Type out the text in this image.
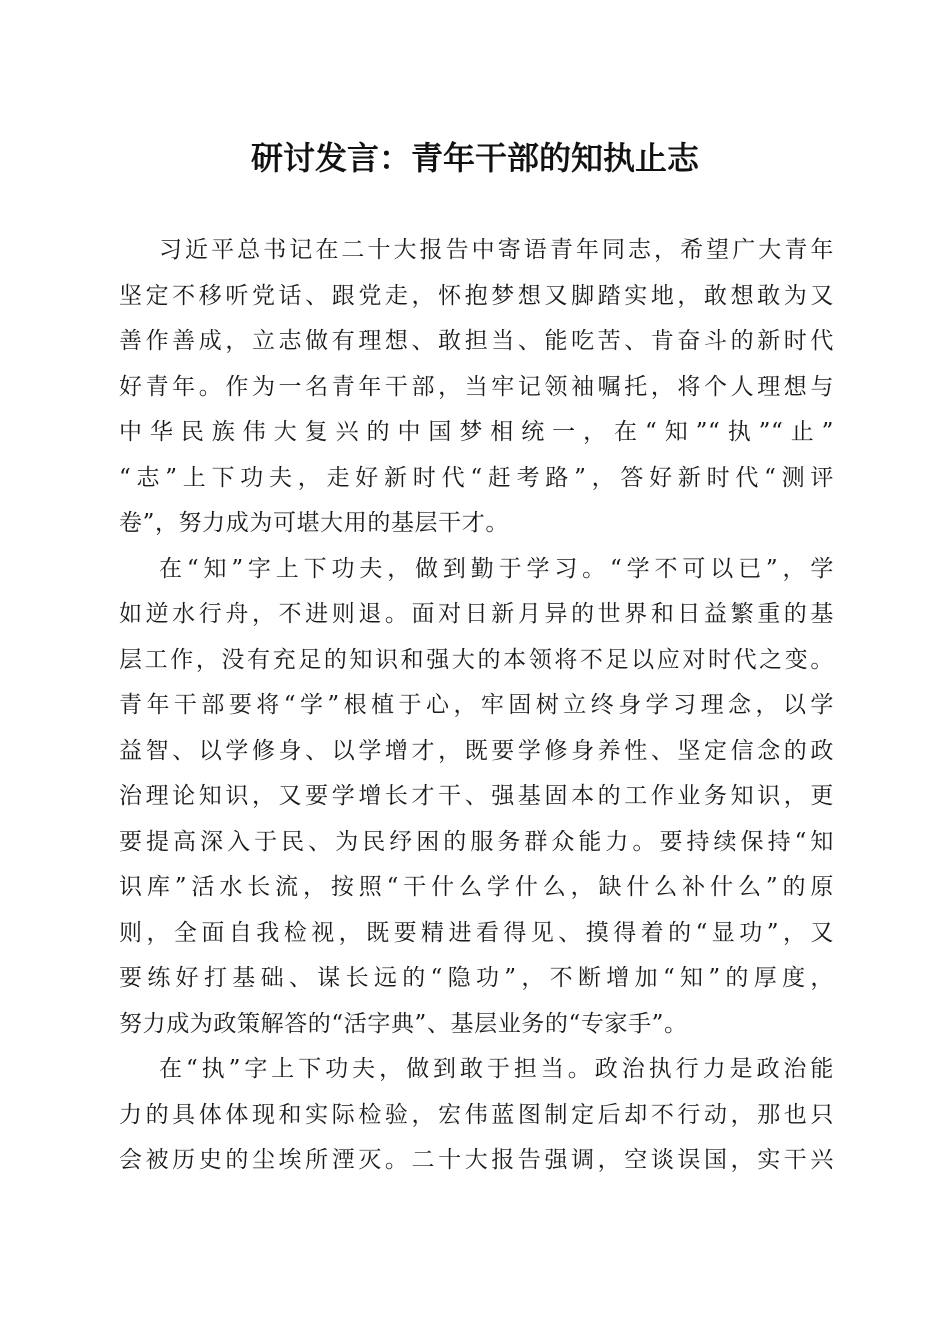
研讨发言：青年干部的知执止志
习近平总书记在二十大报告中寄语青年同志，希望广大青年
坚定不移听党话、跟党走，怀抱梦想又脚踏实地，敢想敢为又
善作善成，立志做有理想、敢担当、能吃苦、肯奋斗的新时代
好青年。作为一名青年干部，当牢记领袖嘱托，将个人理想与
中华民族伟大复兴的中国梦相统一，在“知”“执”“止”
“志”上下功夫，走好新时代“赶考路”，答好新时代“测评
卷”，努力成为可堪大用的基层干才。
在“知”字上下功夫，做到勤于学习。“学不可以已”，学
如逆水行舟，不进则退。面对日新月异的世界和日益繁重的基
层工作，没有充足的知识和强大的本领将不足以应对时代之变。
青年干部要将“学”根植于心，牢固树立终身学习理念，以学
益智、以学修身、以学增才，既要学修身养性、坚定信念的政
治理论知识，又要学增长才干、强基固本的工作业务知识，更
要提高深入于民、为民纾困的服务群众能力。要持续保持“知
识库”活水长流，按照“干什么学什么，缺什么补什么”的原
则，全面自我检视，既要精进看得见、摸得着的“显功”，又
要练好打基础、谋长远的“隐功”，不断增加“知”的厚度，
努力成为政策解答的“活字典”、基层业务的“专家手”。
在“执”字上下功夫，做到敢于担当。政治执行力是政治能
力的具体体现和实际检验，宏伟蓝图制定后却不行动，那也只
会被历史的尘埃所湮灭。二十大报告强调，空谈误国，实干兴
